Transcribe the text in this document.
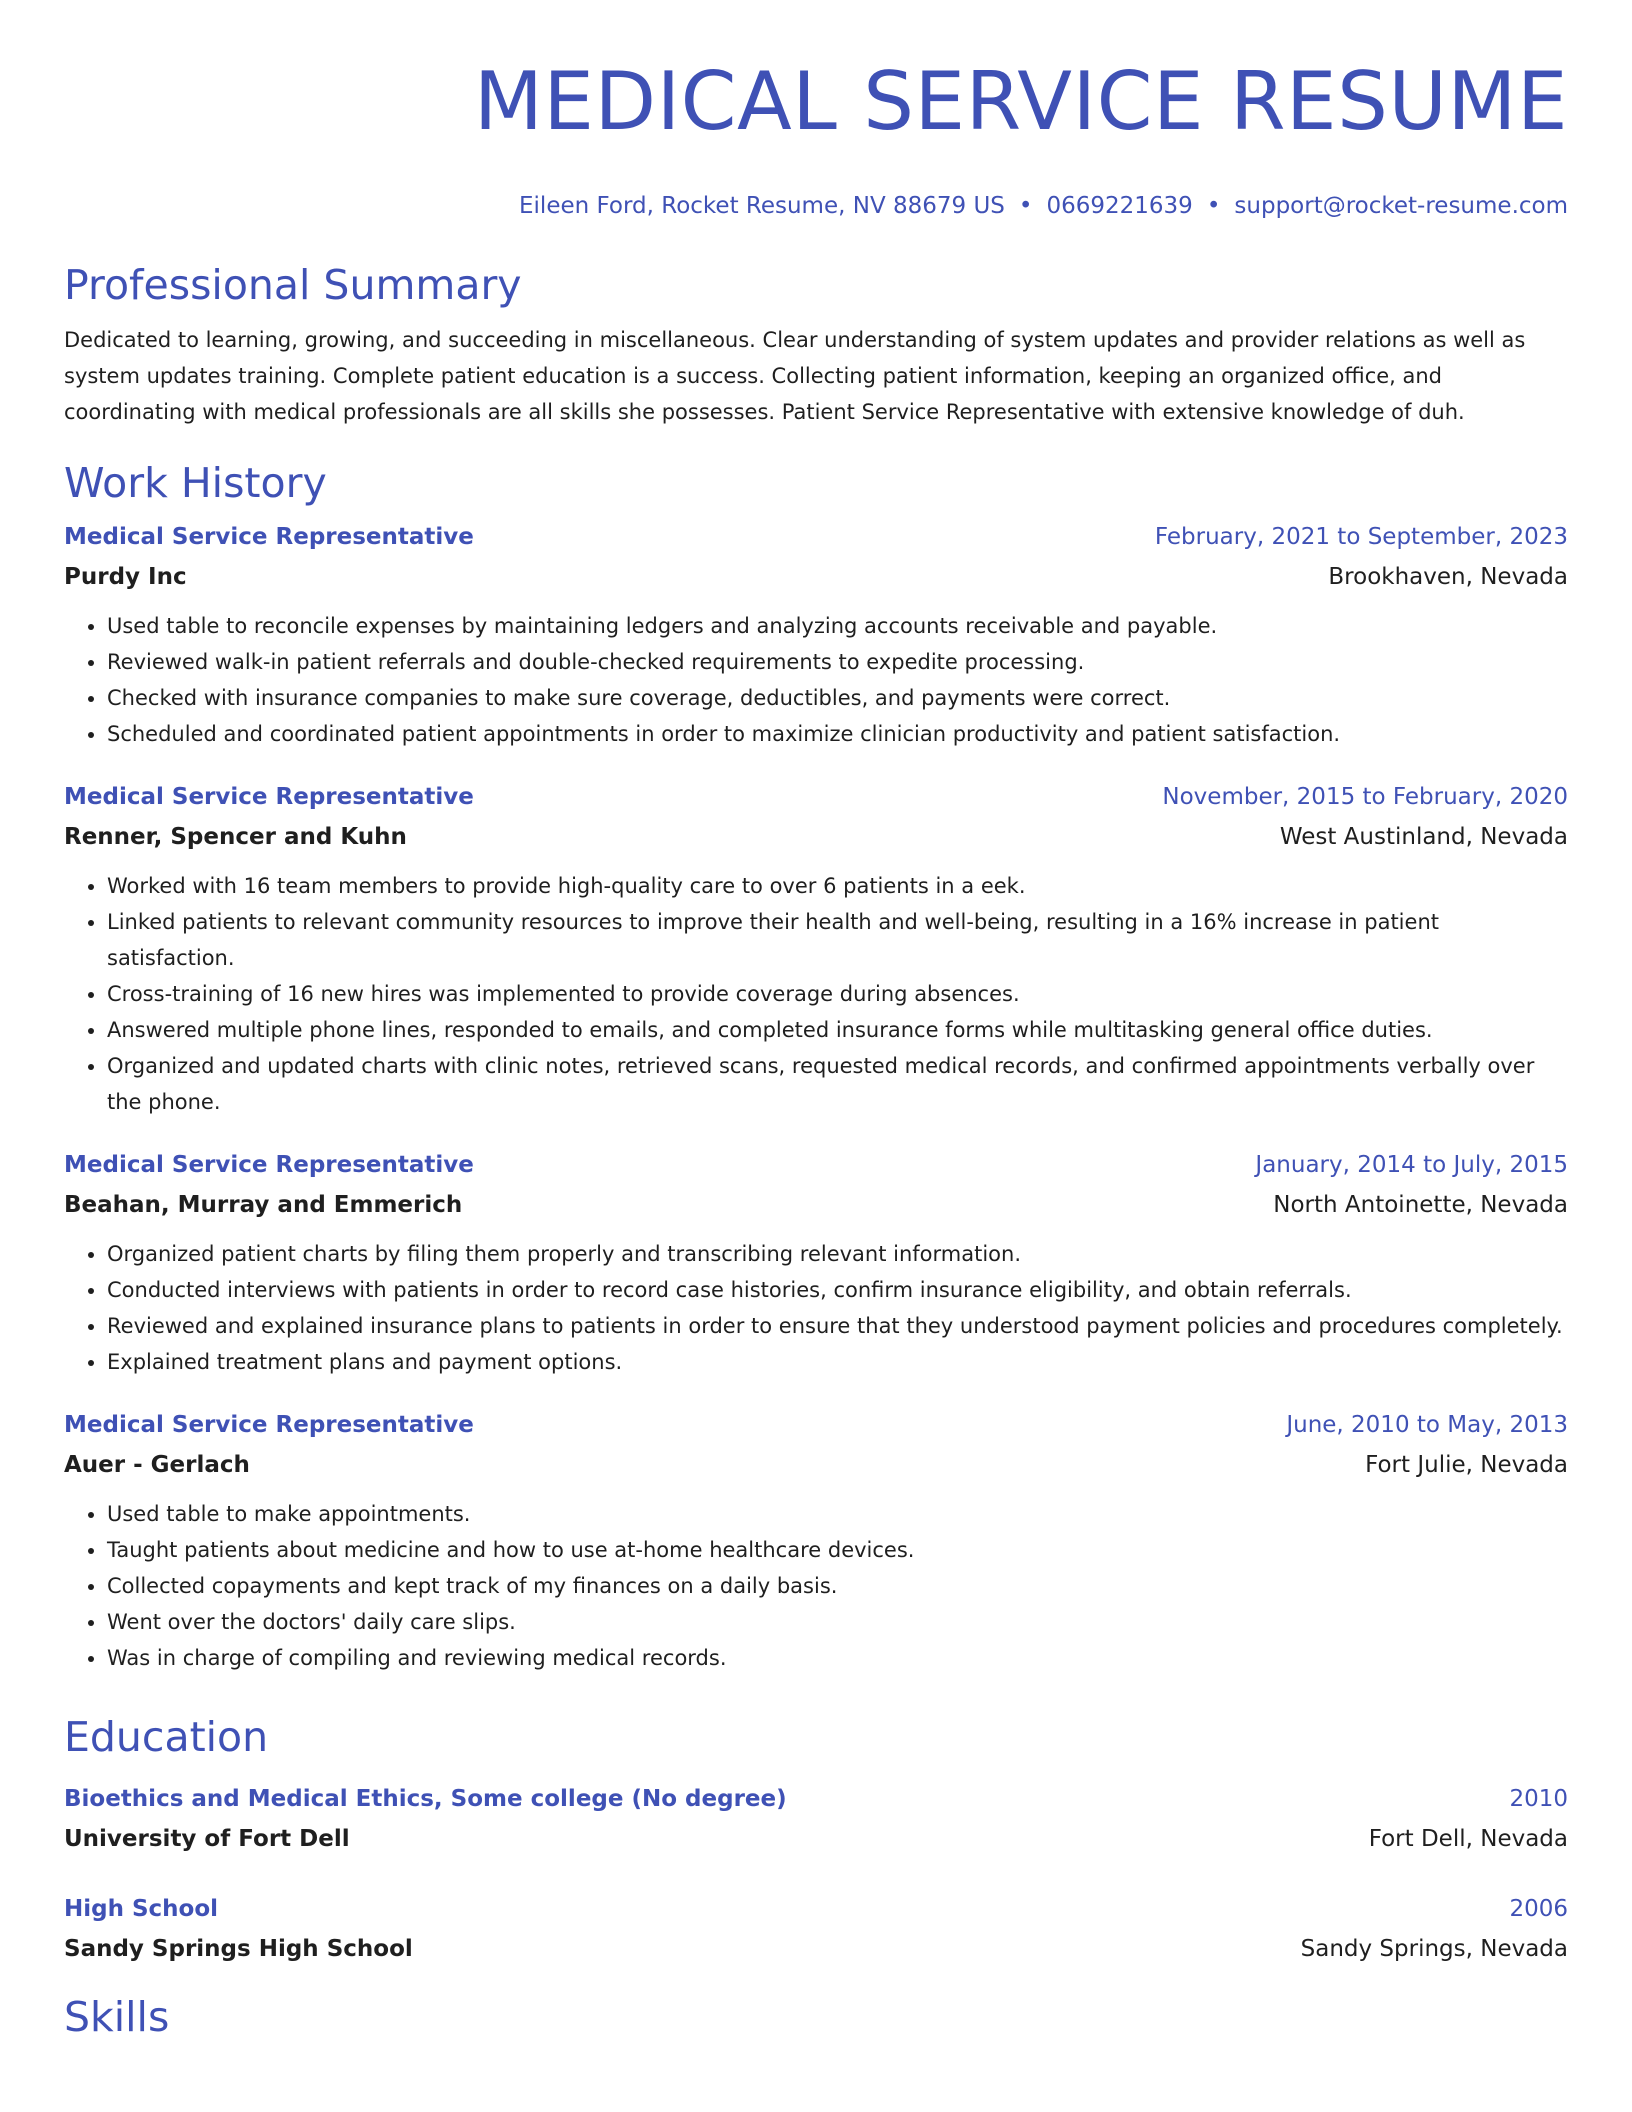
MEDICAL SERVICE RESUME
Eileen Ford, Rocket Resume, NV 88679 US • 0669221639 • support@rocket-resume.com
Professional Summary
Dedicated to learning, growing, and succeeding in miscellaneous. Clear understanding of system updates and provider relations as well as system updates training. Complete patient education is a success. Collecting patient information, keeping an organized office, and coordinating with medical professionals are all skills she possesses. Patient Service Representative with extensive knowledge of duh.
Work History
Medical Service Representative	February, 2021 to September, 2023
Purdy Inc	Brookhaven, Nevada
• Used table to reconcile expenses by maintaining ledgers and analyzing accounts receivable and payable.
• Reviewed walk-in patient referrals and double-checked requirements to expedite processing.
• Checked with insurance companies to make sure coverage, deductibles, and payments were correct.
• Scheduled and coordinated patient appointments in order to maximize clinician productivity and patient satisfaction.
Medical Service Representative	November, 2015 to February, 2020
Renner, Spencer and Kuhn	West Austinland, Nevada
• Worked with 16 team members to provide high-quality care to over 6 patients in a eek.
• Linked patients to relevant community resources to improve their health and well-being, resulting in a 16% increase in patient satisfaction.
• Cross-training of 16 new hires was implemented to provide coverage during absences.
• Answered multiple phone lines, responded to emails, and completed insurance forms while multitasking general office duties.
• Organized and updated charts with clinic notes, retrieved scans, requested medical records, and confirmed appointments verbally over the phone.
Medical Service Representative	January, 2014 to July, 2015
Beahan, Murray and Emmerich	North Antoinette, Nevada
• Organized patient charts by filing them properly and transcribing relevant information.
• Conducted interviews with patients in order to record case histories, confirm insurance eligibility, and obtain referrals.
• Reviewed and explained insurance plans to patients in order to ensure that they understood payment policies and procedures completely.
• Explained treatment plans and payment options.
Medical Service Representative	June, 2010 to May, 2013
Auer - Gerlach	Fort Julie, Nevada
• Used table to make appointments.
• Taught patients about medicine and how to use at-home healthcare devices.
• Collected copayments and kept track of my finances on a daily basis.
• Went over the doctors' daily care slips.
• Was in charge of compiling and reviewing medical records.
Education
Bioethics and Medical Ethics, Some college (No degree)	2010
University of Fort Dell	Fort Dell, Nevada
High School	2006
Sandy Springs High School	Sandy Springs, Nevada
Skills
